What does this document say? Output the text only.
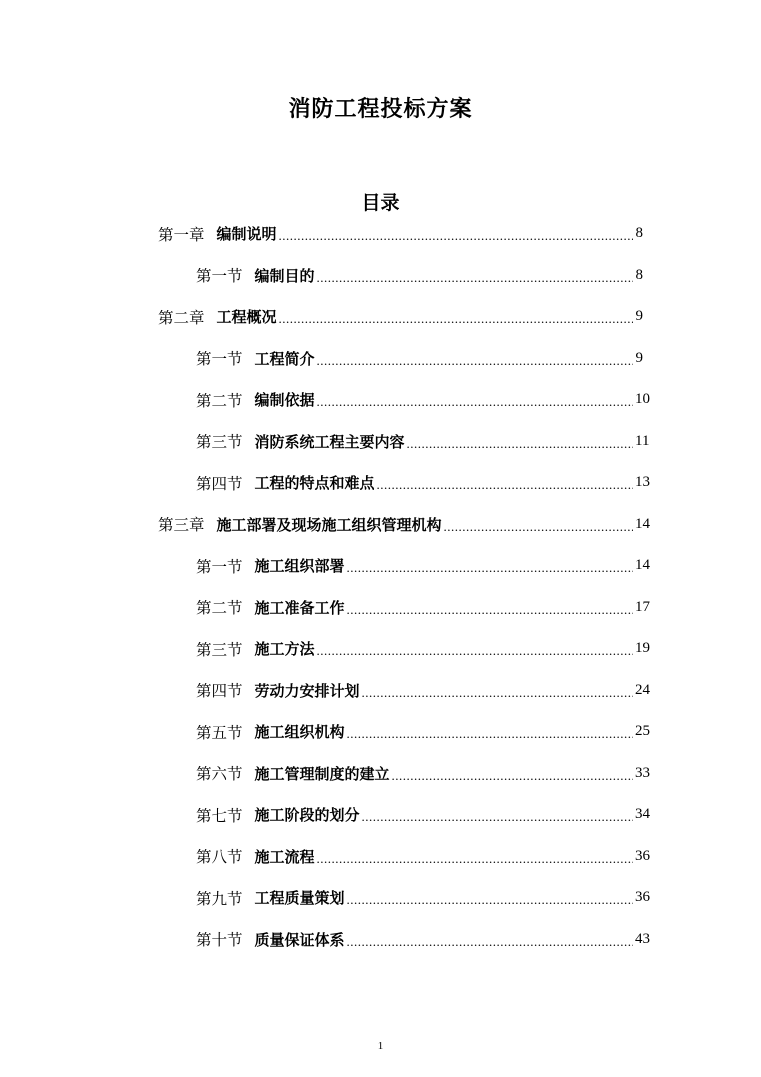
消防工程投标方案
目录
第一章 编制说明 .....	8
第一节 编制目的 .....	8
第二章 工程概况 .....	9
第一节 工程简介 .....	9
第二节 编制依据 .....	10
第三节 消防系统工程主要内容 .....	11
第四节 工程的特点和难点 .....	13
第三章 施工部署及现场施工组织管理机构 .....	14
第一节 施工组织部署 .....	14
第二节 施工准备工作 .....	17
第三节 施工方法 .....	19
第四节 劳动力安排计划 .....	24
第五节 施工组织机构 .....	25
第六节 施工管理制度的建立 .....	33
第七节 施工阶段的划分 .....	34
第八节 施工流程 .....	36
第九节 工程质量策划 .....	36
第十节 质量保证体系 .....	43
1
